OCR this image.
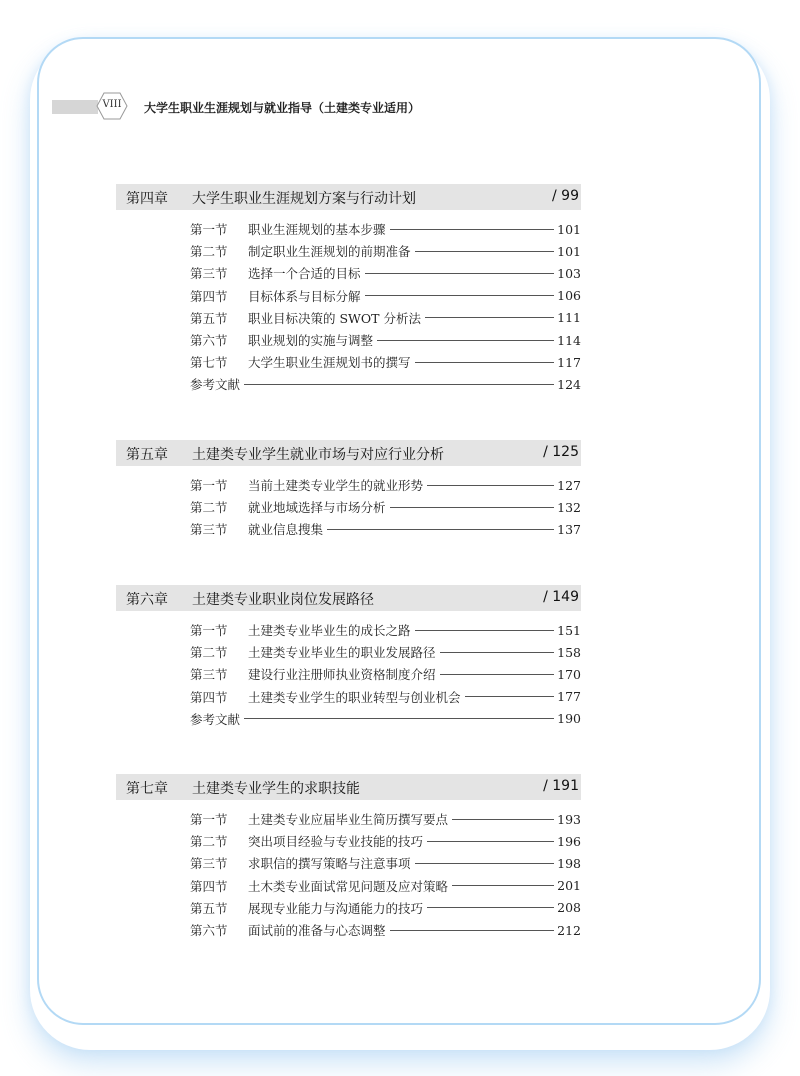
VIII	大学生职业生涯规划与就业指导（土建类专业适用）
第四章 大学生职业生涯规划方案与行动计划	/ 99
第一节	职业生涯规划的基本步骤	101
第二节	制定职业生涯规划的前期准备	101
第三节	选择一个合适的目标	103
第四节	目标体系与目标分解	106
第五节	职业目标决策的 SWOT 分析法	111
第六节	职业规划的实施与调整	114
第七节	大学生职业生涯规划书的撰写	117
参考文献	124
第五章 土建类专业学生就业市场与对应行业分析	/ 125
第一节	当前土建类专业学生的就业形势	127
第二节	就业地域选择与市场分析	132
第三节	就业信息搜集	137
第六章 土建类专业职业岗位发展路径	/ 149
第一节	土建类专业毕业生的成长之路	151
第二节	土建类专业毕业生的职业发展路径	158
第三节	建设行业注册师执业资格制度介绍	170
第四节	土建类专业学生的职业转型与创业机会	177
参考文献	190
第七章 土建类专业学生的求职技能	/ 191
第一节	土建类专业应届毕业生简历撰写要点	193
第二节	突出项目经验与专业技能的技巧	196
第三节	求职信的撰写策略与注意事项	198
第四节	土木类专业面试常见问题及应对策略	201
第五节	展现专业能力与沟通能力的技巧	208
第六节	面试前的准备与心态调整	212
